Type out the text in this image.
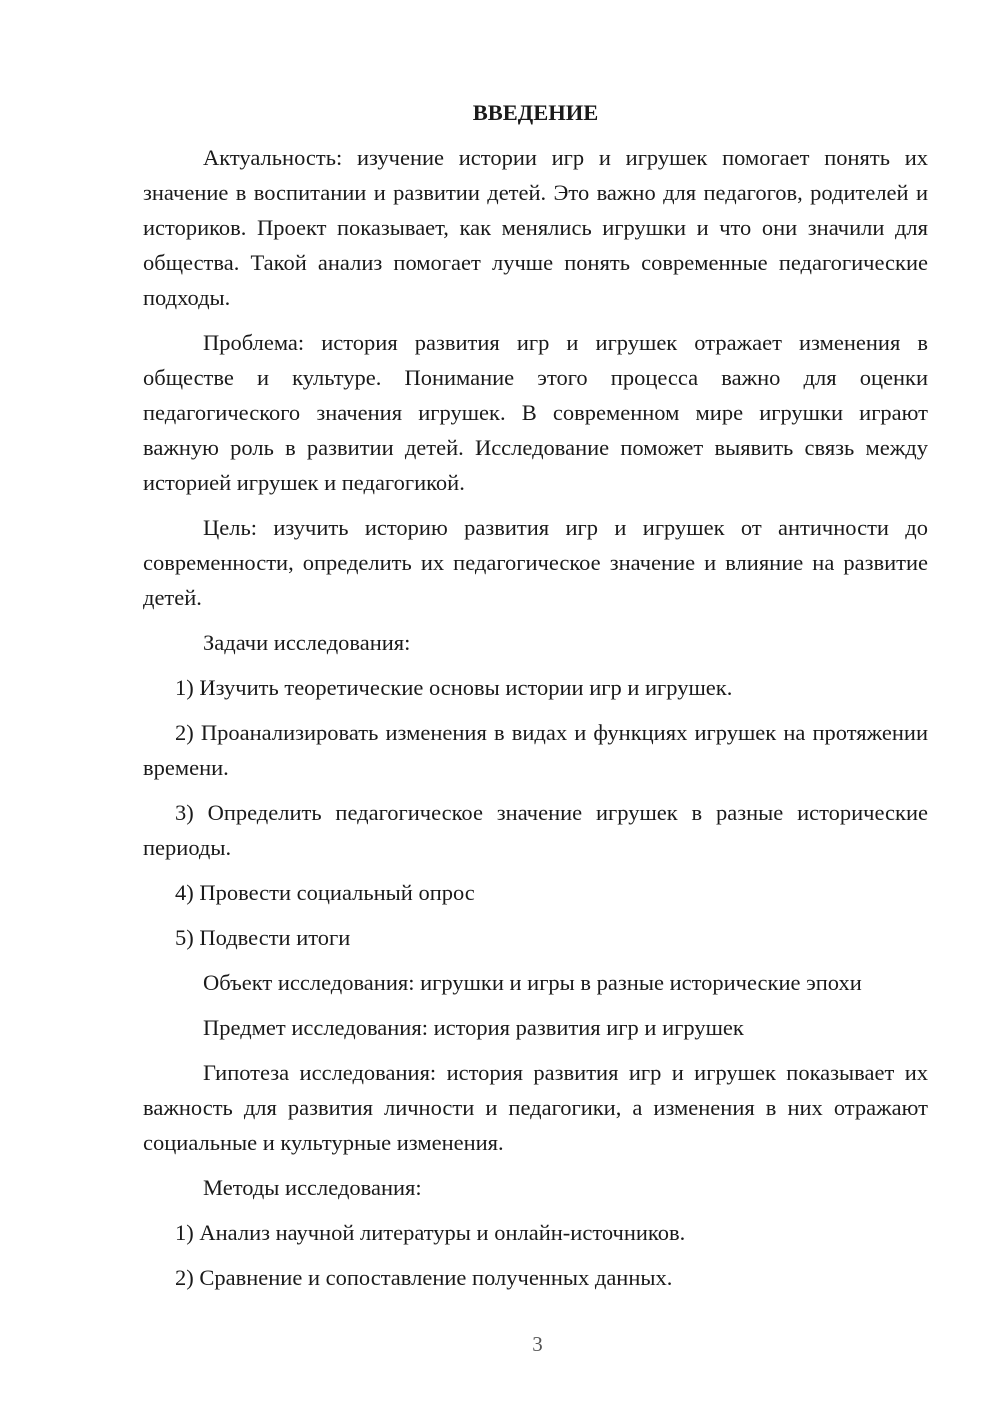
ВВЕДЕНИЕ

Актуальность: изучение истории игр и игрушек помогает понять их значение в воспитании и развитии детей. Это важно для педагогов, родителей и историков. Проект показывает, как менялись игрушки и что они значили для общества. Такой анализ помогает лучше понять современные педагогические подходы.

Проблема: история развития игр и игрушек отражает изменения в обществе и культуре. Понимание этого процесса важно для оценки педагогического значения игрушек. В современном мире игрушки играют важную роль в развитии детей. Исследование поможет выявить связь между историей игрушек и педагогикой.

Цель: изучить историю развития игр и игрушек от античности до современности, определить их педагогическое значение и влияние на развитие детей.

Задачи исследования:

1) Изучить теоретические основы истории игр и игрушек.

2) Проанализировать изменения в видах и функциях игрушек на протяжении времени.

3) Определить педагогическое значение игрушек в разные исторические периоды.

4) Провести социальный опрос

5) Подвести итоги

Объект исследования: игрушки и игры в разные исторические эпохи

Предмет исследования: история развития игр и игрушек

Гипотеза исследования: история развития игр и игрушек показывает их важность для развития личности и педагогики, а изменения в них отражают социальные и культурные изменения.

Методы исследования:

1) Анализ научной литературы и онлайн-источников.

2) Сравнение и сопоставление полученных данных.

3
